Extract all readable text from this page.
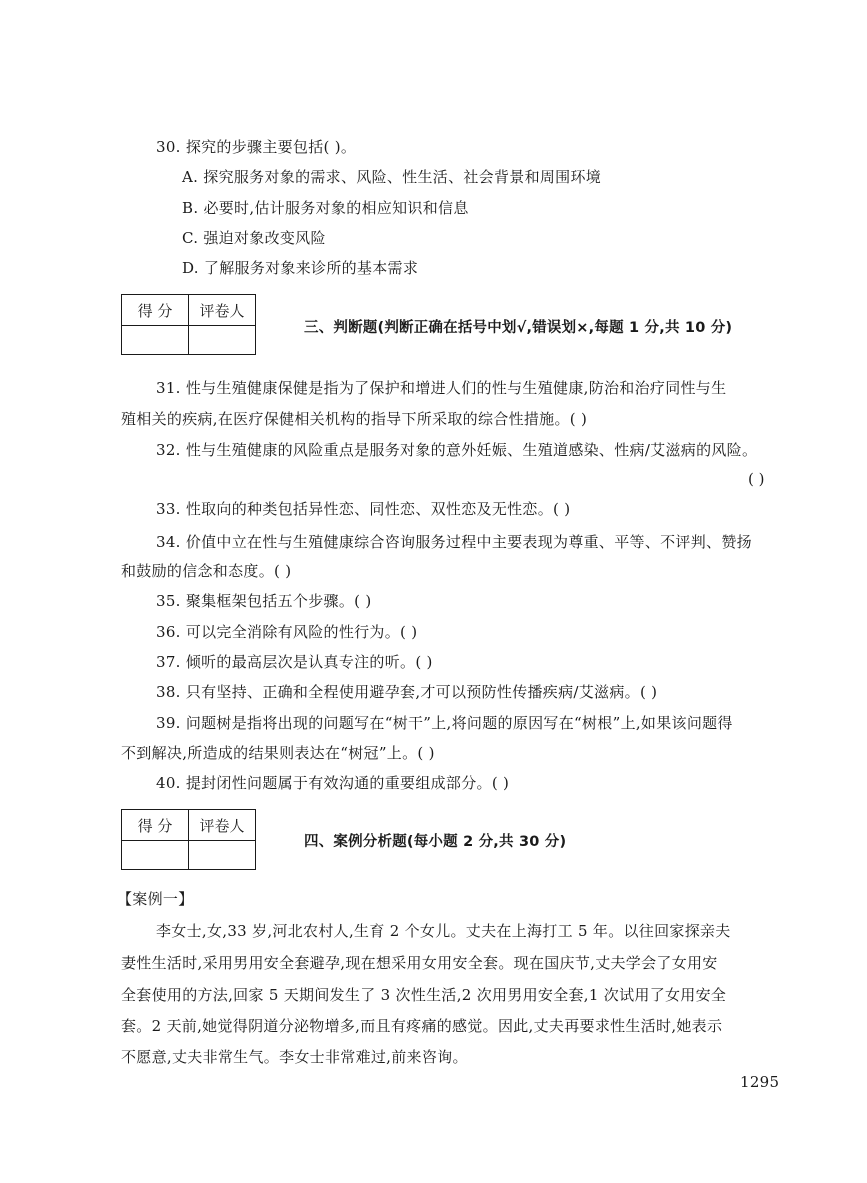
30. 探究的步骤主要包括( )。
A. 探究服务对象的需求、风险、性生活、社会背景和周围环境
B. 必要时,估计服务对象的相应知识和信息
C. 强迫对象改变风险
D. 了解服务对象来诊所的基本需求
得 分	评卷人

三、判断题(判断正确在括号中划√,错误划×,每题 1 分,共 10 分)
31. 性与生殖健康保健是指为了保护和增进人们的性与生殖健康,防治和治疗同性与生
殖相关的疾病,在医疗保健相关机构的指导下所采取的综合性措施。( )
32. 性与生殖健康的风险重点是服务对象的意外妊娠、生殖道感染、性病/艾滋病的风险。
( )
33. 性取向的种类包括异性恋、同性恋、双性恋及无性恋。( )
34. 价值中立在性与生殖健康综合咨询服务过程中主要表现为尊重、平等、不评判、赞扬
和鼓励的信念和态度。( )
35. 聚集框架包括五个步骤。( )
36. 可以完全消除有风险的性行为。( )
37. 倾听的最高层次是认真专注的听。( )
38. 只有坚持、正确和全程使用避孕套,才可以预防性传播疾病/艾滋病。( )
39. 问题树是指将出现的问题写在“树干”上,将问题的原因写在“树根”上,如果该问题得
不到解决,所造成的结果则表达在“树冠”上。( )
40. 提封闭性问题属于有效沟通的重要组成部分。( )
得 分	评卷人

四、案例分析题(每小题 2 分,共 30 分)
【案例一】
李女士,女,33 岁,河北农村人,生育 2 个女儿。丈夫在上海打工 5 年。以往回家探亲夫
妻性生活时,采用男用安全套避孕,现在想采用女用安全套。现在国庆节,丈夫学会了女用安
全套使用的方法,回家 5 天期间发生了 3 次性生活,2 次用男用安全套,1 次试用了女用安全
套。2 天前,她觉得阴道分泌物增多,而且有疼痛的感觉。因此,丈夫再要求性生活时,她表示
不愿意,丈夫非常生气。李女士非常难过,前来咨询。
1295
